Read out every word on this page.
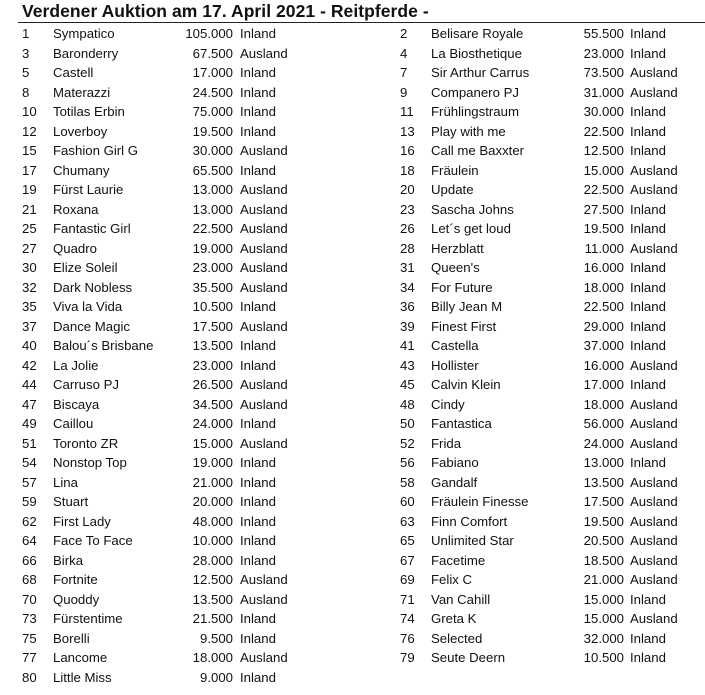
Verdener Auktion am 17. April 2021 - Reitpferde -
1 Sympatico	105.000 Inland
3 Baronderry	67.500 Ausland
5 Castell	17.000 Inland
8 Materazzi	24.500 Inland
10 Totilas Erbin	75.000 Inland
12 Loverboy	19.500 Inland
15 Fashion Girl G	30.000 Ausland
17 Chumany	65.500 Inland
19 Fürst Laurie	13.000 Ausland
21 Roxana	13.000 Ausland
25 Fantastic Girl	22.500 Ausland
27 Quadro	19.000 Ausland
30 Elize Soleil	23.000 Ausland
32 Dark Nobless	35.500 Ausland
35 Viva la Vida	10.500 Inland
37 Dance Magic	17.500 Ausland
40 Balou´s Brisbane	13.500 Inland
42 La Jolie	23.000 Inland
44 Carruso PJ	26.500 Ausland
47 Biscaya	34.500 Ausland
49 Caillou	24.000 Inland
51 Toronto ZR	15.000 Ausland
54 Nonstop Top	19.000 Inland
57 Lina	21.000 Inland
59 Stuart	20.000 Inland
62 First Lady	48.000 Inland
64 Face To Face	10.000 Inland
66 Birka	28.000 Inland
68 Fortnite	12.500 Ausland
70 Quoddy	13.500 Ausland
73 Fürstentime	21.500 Inland
75 Borelli	9.500 Inland
77 Lancome	18.000 Ausland
80 Little Miss	9.000 Inland
2 Belisare Royale	55.500 Inland
4 La Biosthetique	23.000 Inland
7 Sir Arthur Carrus	73.500 Ausland
9 Companero PJ	31.000 Ausland
11 Frühlingstraum	30.000 Inland
13 Play with me	22.500 Inland
16 Call me Baxxter	12.500 Inland
18 Fräulein	15.000 Ausland
20 Update	22.500 Ausland
23 Sascha Johns	27.500 Inland
26 Let´s get loud	19.500 Inland
28 Herzblatt	11.000 Ausland
31 Queen's	16.000 Inland
34 For Future	18.000 Inland
36 Billy Jean M	22.500 Inland
39 Finest First	29.000 Inland
41 Castella	37.000 Inland
43 Hollister	16.000 Ausland
45 Calvin Klein	17.000 Inland
48 Cindy	18.000 Ausland
50 Fantastica	56.000 Ausland
52 Frida	24.000 Ausland
56 Fabiano	13.000 Inland
58 Gandalf	13.500 Ausland
60 Fräulein Finesse	17.500 Ausland
63 Finn Comfort	19.500 Ausland
65 Unlimited Star	20.500 Ausland
67 Facetime	18.500 Ausland
69 Felix C	21.000 Ausland
71 Van Cahill	15.000 Inland
74 Greta K	15.000 Ausland
76 Selected	32.000 Inland
79 Seute Deern	10.500 Inland
